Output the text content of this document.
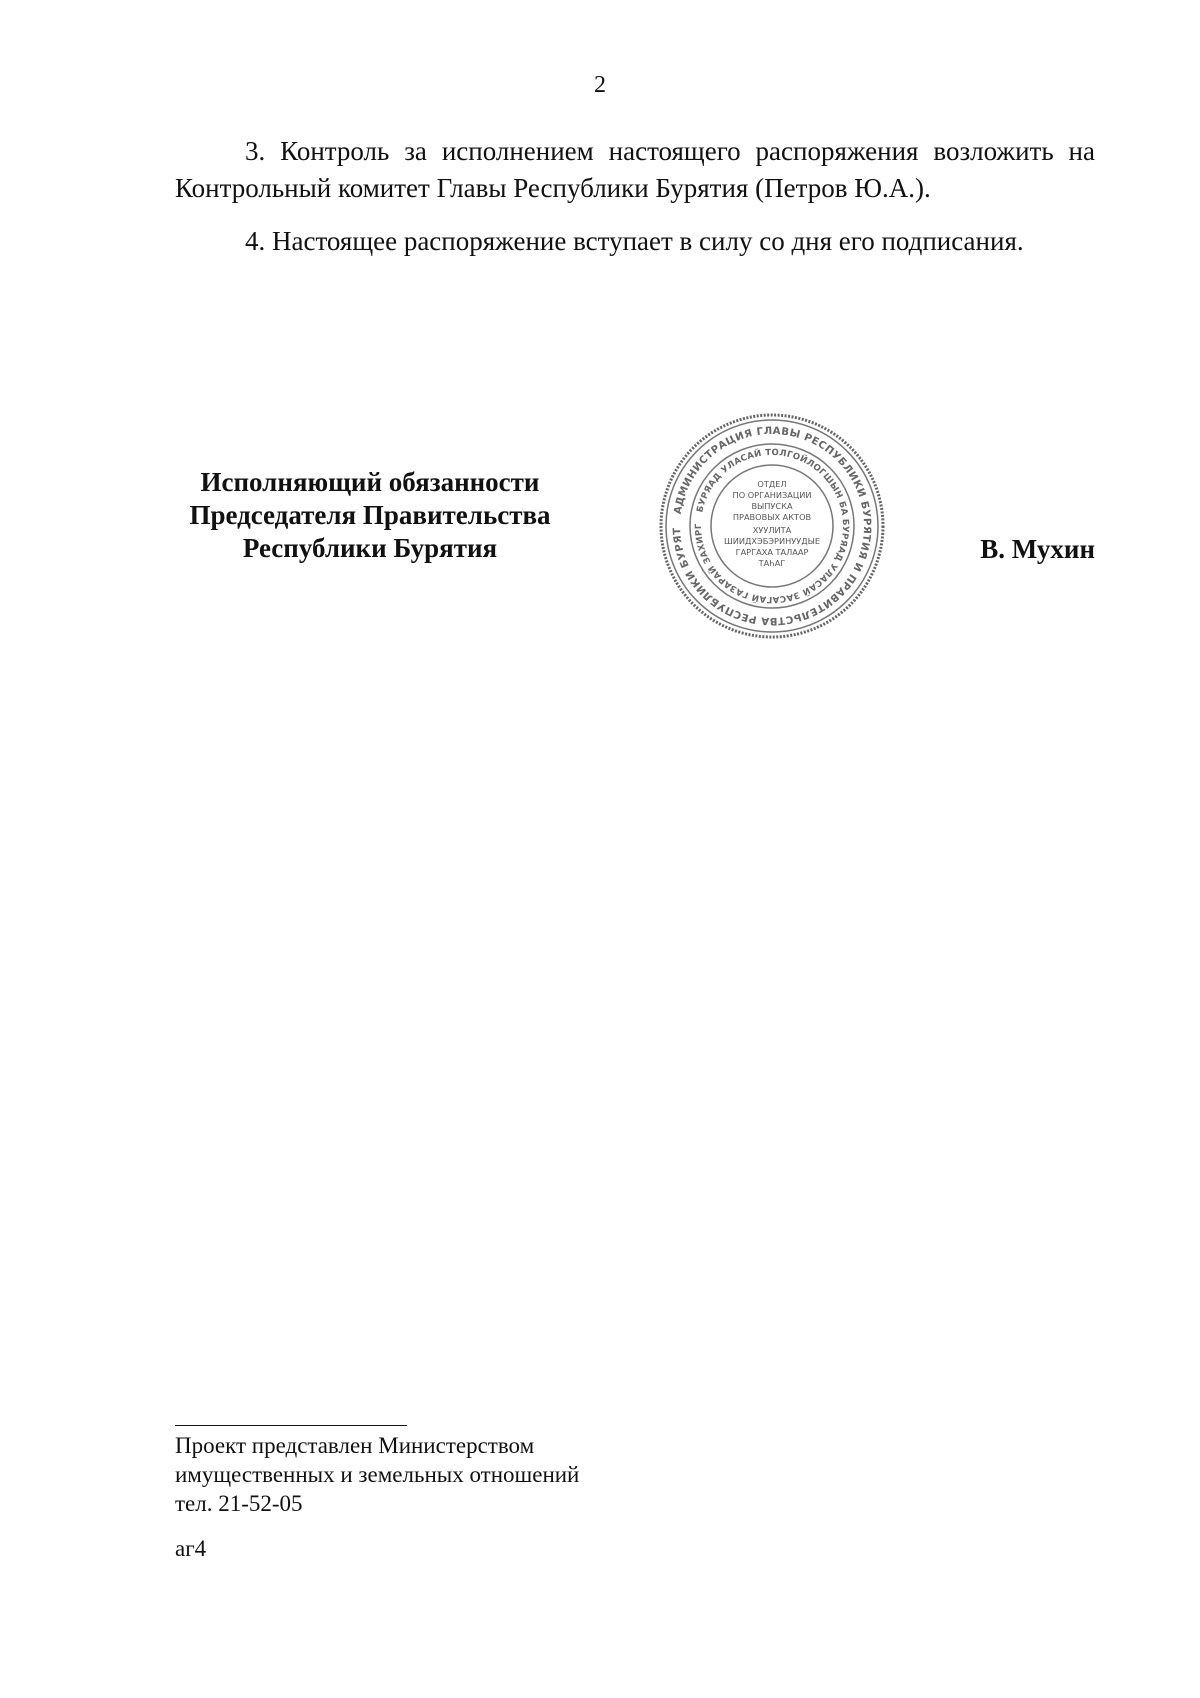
2

3. Контроль за исполнением настоящего распоряжения возложить на

Контрольный комитет Главы Республики Бурятия (Петров Ю.А.).

4. Настоящее распоряжение вступает в силу со дня его подписания.

Исполняющий обязанности
Председателя Правительства
Республики Бурятия
АДМИНИСТРАЦИЯ ГЛАВЫ РЕСПУБЛИКИ БУРЯТИЯ И ПРАВИТЕЛЬСТВА РЕСПУБЛИКИ БУРЯТ
БУРЯАД УЛАСАЙ ТОЛГОЙЛОГШЫН БА БУРЯАД УЛАСАЙ ЗАСАГАЙ ГАЗАРАЙ ЗАХИРГ
ОТДЕЛ
ПО ОРГАНИЗАЦИИ
ВЫПУСКА
ПРАВОВЫХ АКТОВ
ХУУЛИТА
ШИИДХЭБЭРИНУУДЫЕ
ГАРГАХА ТАЛААР
ТАҺАГ	В. Мухин
Проект представлен Министерством
имущественных и земельных отношений
тел. 21-52-05
аг4
